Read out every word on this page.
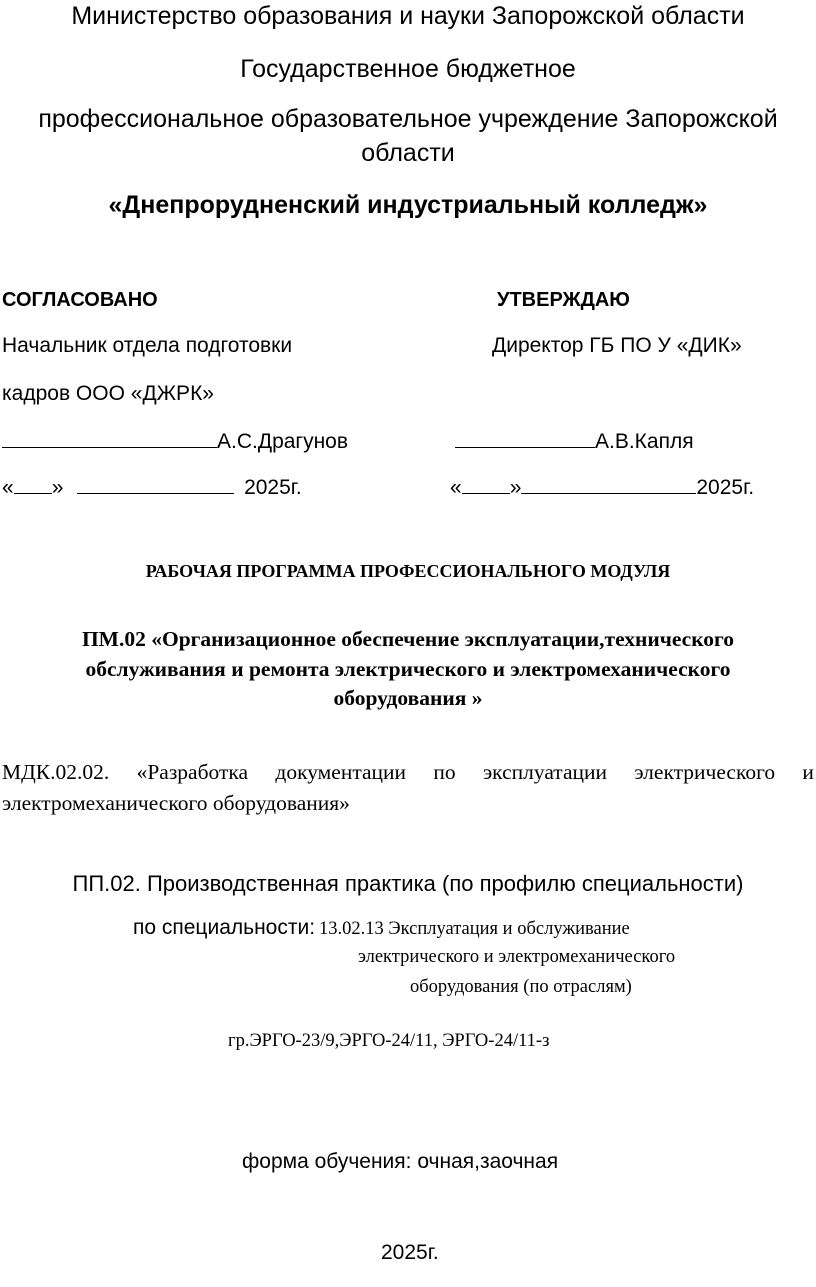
Министерство образования и науки Запорожской области
Государственное бюджетное
профессиональное образовательное учреждение Запорожской
области
«Днепрорудненский индустриальный колледж»
СОГЛАСОВАНО
Начальник отдела подготовки
кадров ООО «ДЖРК»
А.С.Драгунов
« »	2025г.
УТВЕРЖДАЮ
Директор ГБ ПО У «ДИК»
А.В.Капля
« »	2025г.
РАБОЧАЯ ПРОГРАММА ПРОФЕССИОНАЛЬНОГО МОДУЛЯ
ПМ.02 «Организационное обеспечение эксплуатации,технического
обслуживания и ремонта электрического и электромеханического
оборудования »
МДК.02.02. «Разработка документации по эксплуатации электрического и
электромеханического оборудования»
ПП.02. Производственная практика (по профилю специальности)
по специальности: 13.02.13 Эксплуатация и обслуживание
электрического и электромеханического
оборудования (по отраслям)
гр.ЭРГО-23/9,ЭРГО-24/11, ЭРГО-24/11-з
форма обучения: очная,заочная
2025г.
